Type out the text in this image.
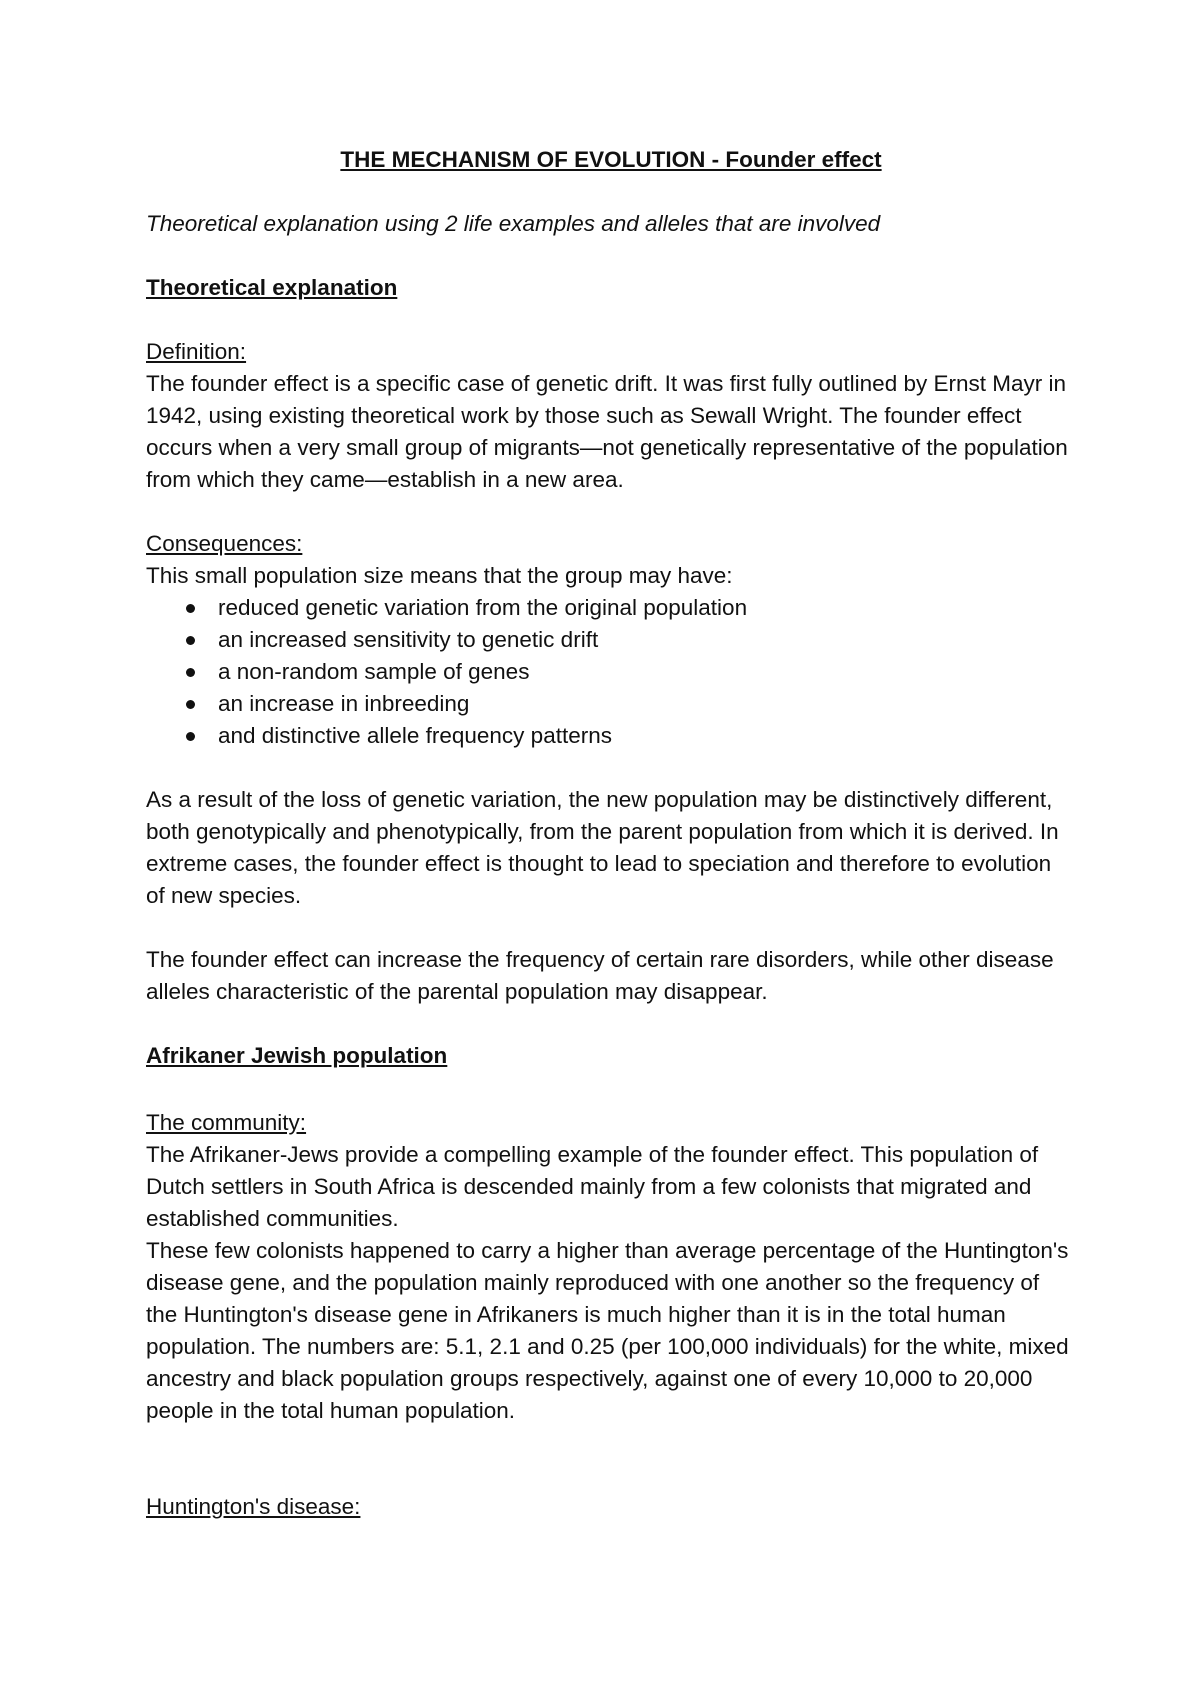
THE MECHANISM OF EVOLUTION - Founder effect

Theoretical explanation using 2 life examples and alleles that are involved

Theoretical explanation
Definition:

The founder effect is a specific case of genetic drift. It was first fully outlined by Ernst Mayr in 1942, using existing theoretical work by those such as Sewall Wright. The founder effect occurs when a very small group of migrants—not genetically representative of the population from which they came—establish in a new area.

Consequences:

This small population size means that the group may have:

reduced genetic variation from the original population
an increased sensitivity to genetic drift
a non-random sample of genes
an increase in inbreeding
and distinctive allele frequency patterns

As a result of the loss of genetic variation, the new population may be distinctively different, both genotypically and phenotypically, from the parent population from which it is derived. In extreme cases, the founder effect is thought to lead to speciation and therefore to evolution of new species.

The founder effect can increase the frequency of certain rare disorders, while other disease alleles characteristic of the parental population may disappear.

Afrikaner Jewish population
The community:

The Afrikaner-Jews provide a compelling example of the founder effect. This population of Dutch settlers in South Africa is descended mainly from a few colonists that migrated and established communities.

These few colonists happened to carry a higher than average percentage of the Huntington's disease gene, and the population mainly reproduced with one another so the frequency of the Huntington's disease gene in Afrikaners is much higher than it is in the total human population. The numbers are: 5.1, 2.1 and 0.25 (per 100,000 individuals) for the white, mixed ancestry and black population groups respectively, against one of every 10,000 to 20,000 people in the total human population.

Huntington's disease:
